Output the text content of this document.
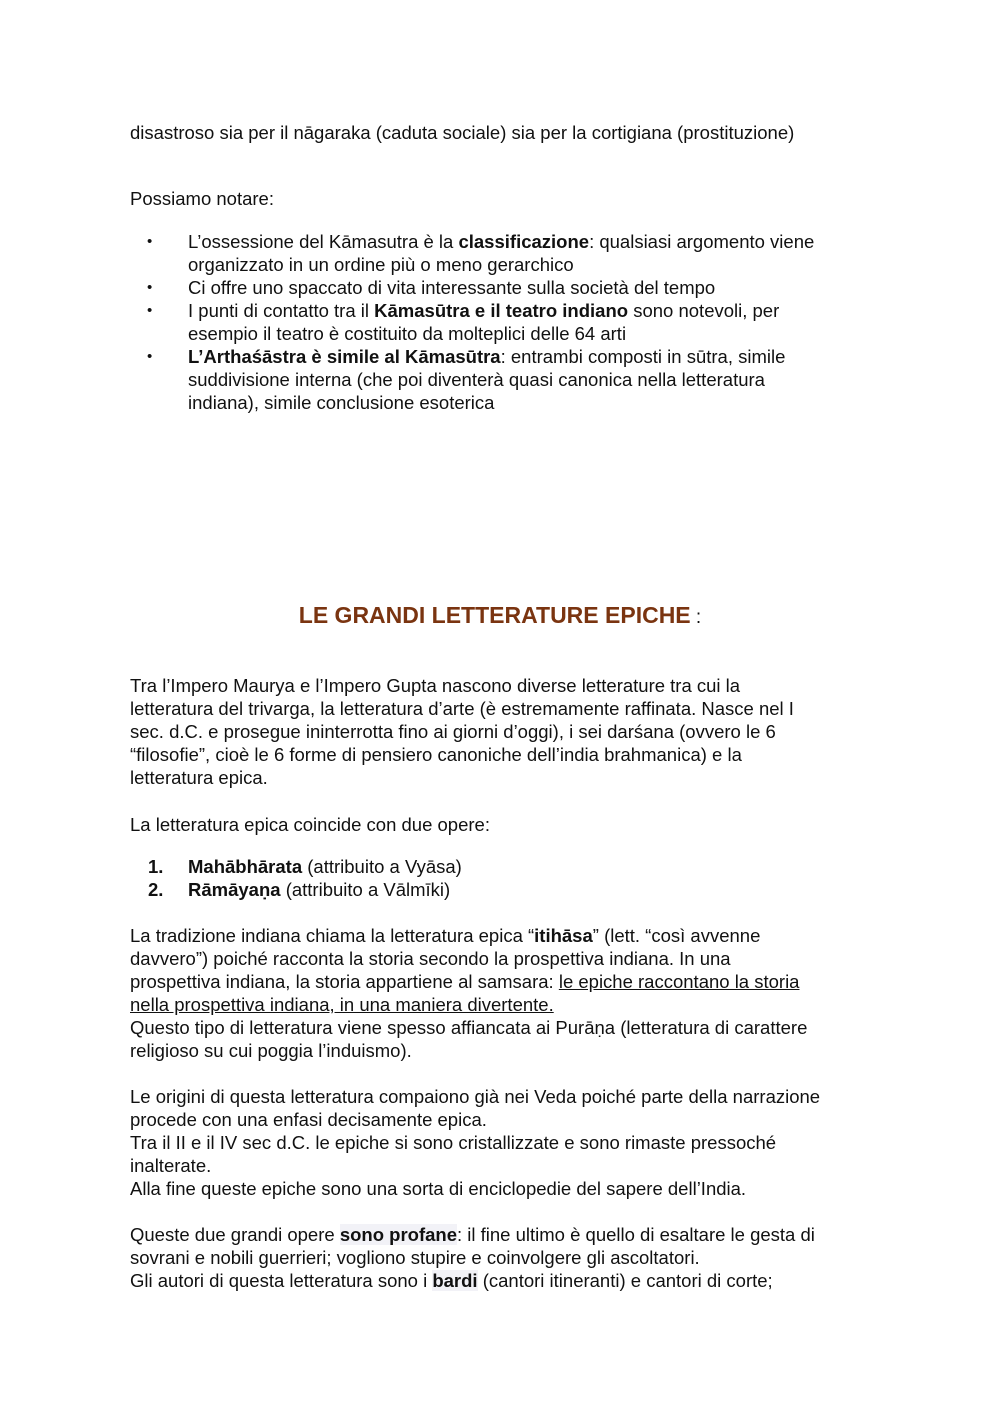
disastroso sia per il nāgaraka (caduta sociale) sia per la cortigiana (prostituzione)

Possiamo notare:

• L’ossessione del Kāmasutra è la classificazione: qualsiasi argomento viene
organizzato in un ordine più o meno gerarchico
• Ci offre uno spaccato di vita interessante sulla società del tempo
• I punti di contatto tra il Kāmasūtra e il teatro indiano sono notevoli, per
esempio il teatro è costituito da molteplici delle 64 arti
• L’Arthaśāstra è simile al Kāmasūtra: entrambi composti in sūtra, simile
suddivisione interna (che poi diventerà quasi canonica nella letteratura
indiana), simile conclusione esoterica

Tra l’Impero Maurya e l’Impero Gupta nascono diverse letterature tra cui la
letteratura del trivarga, la letteratura d’arte (è estremamente raffinata. Nasce nel I
sec. d.C. e prosegue ininterrotta fino ai giorni d’oggi), i sei darśana (ovvero le 6
“filosofie”, cioè le 6 forme di pensiero canoniche dell’india brahmanica) e la
letteratura epica.

La letteratura epica coincide con due opere:

1. Mahābhārata (attribuito a Vyāsa)
2. Rāmāyaṇa (attribuito a Vālmīki)

La tradizione indiana chiama la letteratura epica “itihāsa” (lett. “così avvenne
davvero”) poiché racconta la storia secondo la prospettiva indiana. In una
prospettiva indiana, la storia appartiene al samsara: le epiche raccontano la storia
nella prospettiva indiana, in una maniera divertente.
Questo tipo di letteratura viene spesso affiancata ai Purāṇa (letteratura di carattere
religioso su cui poggia l’induismo).

Le origini di questa letteratura compaiono già nei Veda poiché parte della narrazione
procede con una enfasi decisamente epica.
Tra il II e il IV sec d.C. le epiche si sono cristallizzate e sono rimaste pressoché
inalterate.
Alla fine queste epiche sono una sorta di enciclopedie del sapere dell’India.

Queste due grandi opere sono profane: il fine ultimo è quello di esaltare le gesta di
sovrani e nobili guerrieri; vogliono stupire e coinvolgere gli ascoltatori.
Gli autori di questa letteratura sono i bardi (cantori itineranti) e cantori di corte;

LE GRANDI LETTERATURE EPICHE :
